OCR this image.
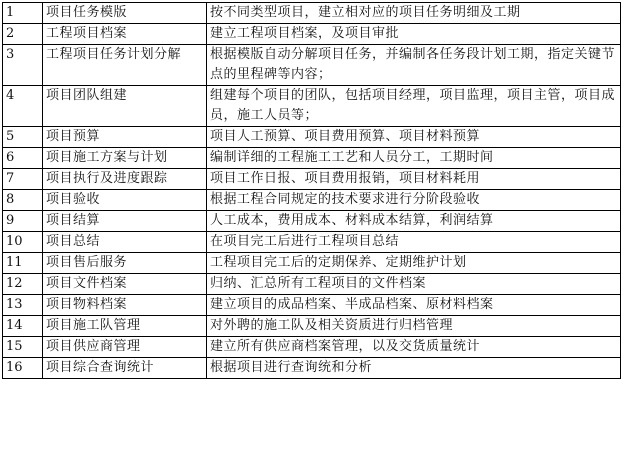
1	项目任务模版	按不同类型项目，建立相对应的项目任务明细及工期
2	工程项目档案	建立工程项目档案，及项目审批
3	工程项目任务计划分解	根据模版自动分解项目任务，并编制各任务段计划工期，指定关键节点的里程碑等内容；
4	项目团队组建	组建每个项目的团队，包括项目经理，项目监理，项目主管，项目成员，施工人员等；
5	项目预算	项目人工预算、项目费用预算、项目材料预算
6	项目施工方案与计划	编制详细的工程施工工艺和人员分工，工期时间
7	项目执行及进度跟踪	项目工作日报、项目费用报销，项目材料耗用
8	项目验收	根据工程合同规定的技术要求进行分阶段验收
9	项目结算	人工成本，费用成本、材料成本结算，利润结算
10	项目总结	在项目完工后进行工程项目总结
11	项目售后服务	工程项目完工后的定期保养、定期维护计划
12	项目文件档案	归纳、汇总所有工程项目的文件档案
13	项目物料档案	建立项目的成品档案、半成品档案、原材料档案
14	项目施工队管理	对外聘的施工队及相关资质进行归档管理
15	项目供应商管理	建立所有供应商档案管理，以及交货质量统计
16	项目综合查询统计	根据项目进行查询统和分析
